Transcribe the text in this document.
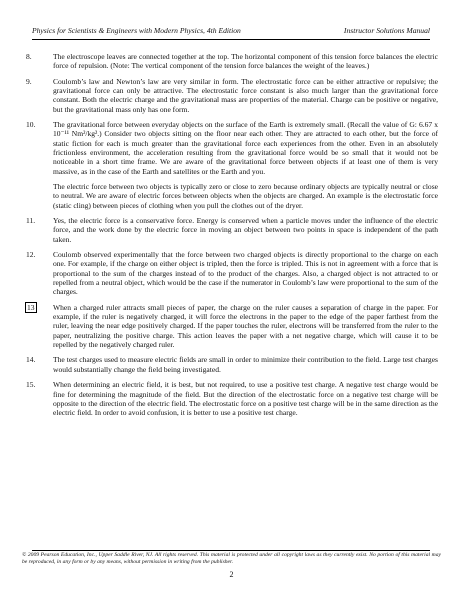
Physics for Scientists & Engineers with Modern Physics, 4th Edition	Instructor Solutions Manual
8.	The electroscope leaves are connected together at the top. The horizontal component of this tension force balances the electric force of repulsion. (Note: The vertical component of the tension force balances the weight of the leaves.)

9.	Coulomb’s law and Newton’s law are very similar in form. The electrostatic force can be either attractive or repulsive; the gravitational force can only be attractive. The electrostatic force constant is also much larger than the gravitational force constant. Both the electric charge and the gravitational mass are properties of the material. Charge can be positive or negative, but the gravitational mass only has one form.

10.	The gravitational force between everyday objects on the surface of the Earth is extremely small. (Recall the value of G: 6.67 x 10⁻¹¹ Nm²/kg².) Consider two objects sitting on the floor near each other. They are attracted to each other, but the force of static fiction for each is much greater than the gravitational force each experiences from the other. Even in an absolutely frictionless environment, the acceleration resulting from the gravitational force would be so small that it would not be noticeable in a short time frame. We are aware of the gravitational force between objects if at least one of them is very massive, as in the case of the Earth and satellites or the Earth and you.

The electric force between two objects is typically zero or close to zero because ordinary objects are typically neutral or close to neutral. We are aware of electric forces between objects when the objects are charged. An example is the electrostatic force (static cling) between pieces of clothing when you pull the clothes out of the dryer.

11.	Yes, the electric force is a conservative force. Energy is conserved when a particle moves under the influence of the electric force, and the work done by the electric force in moving an object between two points in space is independent of the path taken.

12.	Coulomb observed experimentally that the force between two charged objects is directly proportional to the charge on each one. For example, if the charge on either object is tripled, then the force is tripled. This is not in agreement with a force that is proportional to the sum of the charges instead of to the product of the charges. Also, a charged object is not attracted to or repelled from a neutral object, which would be the case if the numerator in Coulomb’s law were proportional to the sum of the charges.

13 When a charged ruler attracts small pieces of paper, the charge on the ruler causes a separation of charge in the paper. For example, if the ruler is negatively charged, it will force the electrons in the paper to the edge of the paper farthest from the ruler, leaving the near edge positively charged. If the paper touches the ruler, electrons will be transferred from the ruler to the paper, neutralizing the positive charge. This action leaves the paper with a net negative charge, which will cause it to be repelled by the negatively charged ruler.

14.	The test charges used to measure electric fields are small in order to minimize their contribution to the field. Large test charges would substantially change the field being investigated.

15.	When determining an electric field, it is best, but not required, to use a positive test charge. A negative test charge would be fine for determining the magnitude of the field. But the direction of the electrostatic force on a negative test charge will be opposite to the direction of the electric field. The electrostatic force on a positive test charge will be in the same direction as the electric field. In order to avoid confusion, it is better to use a positive test charge.

© 2009 Pearson Education, Inc., Upper Saddle River, NJ. All rights reserved. This material is protected under all copyright laws as they currently exist. No portion of this material may be reproduced, in any form or by any means, without permission in writing from the publisher.
2
